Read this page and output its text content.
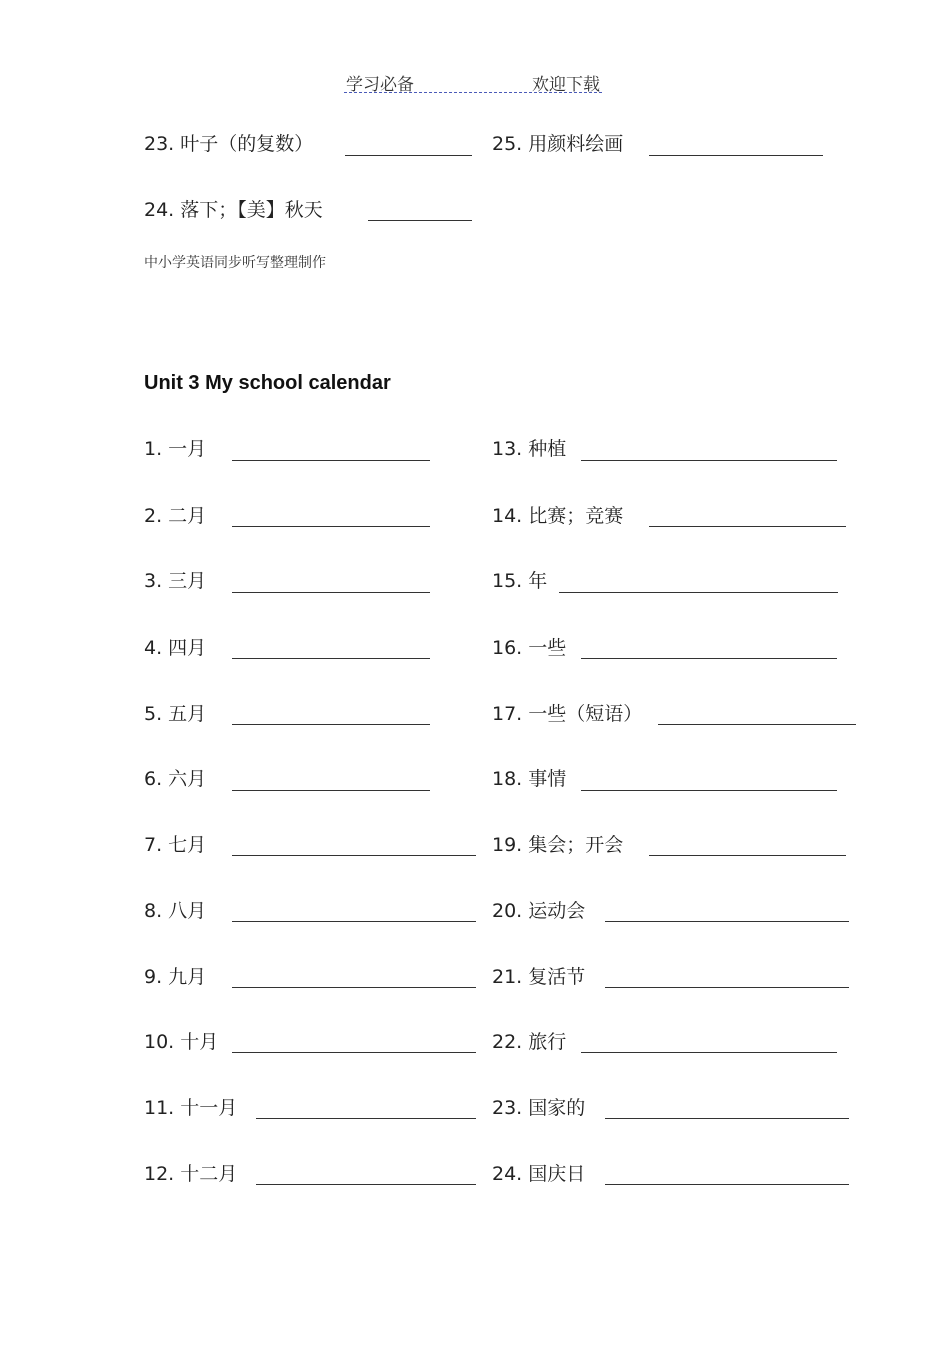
学习必备	欢迎下载
23. 叶子（的复数）	25. 用颜料绘画
24. 落下；【美】秋天
中小学英语同步听写整理制作
Unit 3 My school calendar
1. 一月
2. 二月
3. 三月
4. 四月
5. 五月
6. 六月
7. 七月
8. 八月
9. 九月
10. 十月
11. 十一月
12. 十二月
13. 种植
14. 比赛；竞赛
15. 年
16. 一些
17. 一些（短语）
18. 事情
19. 集会；开会
20. 运动会
21. 复活节
22. 旅行
23. 国家的
24. 国庆日
